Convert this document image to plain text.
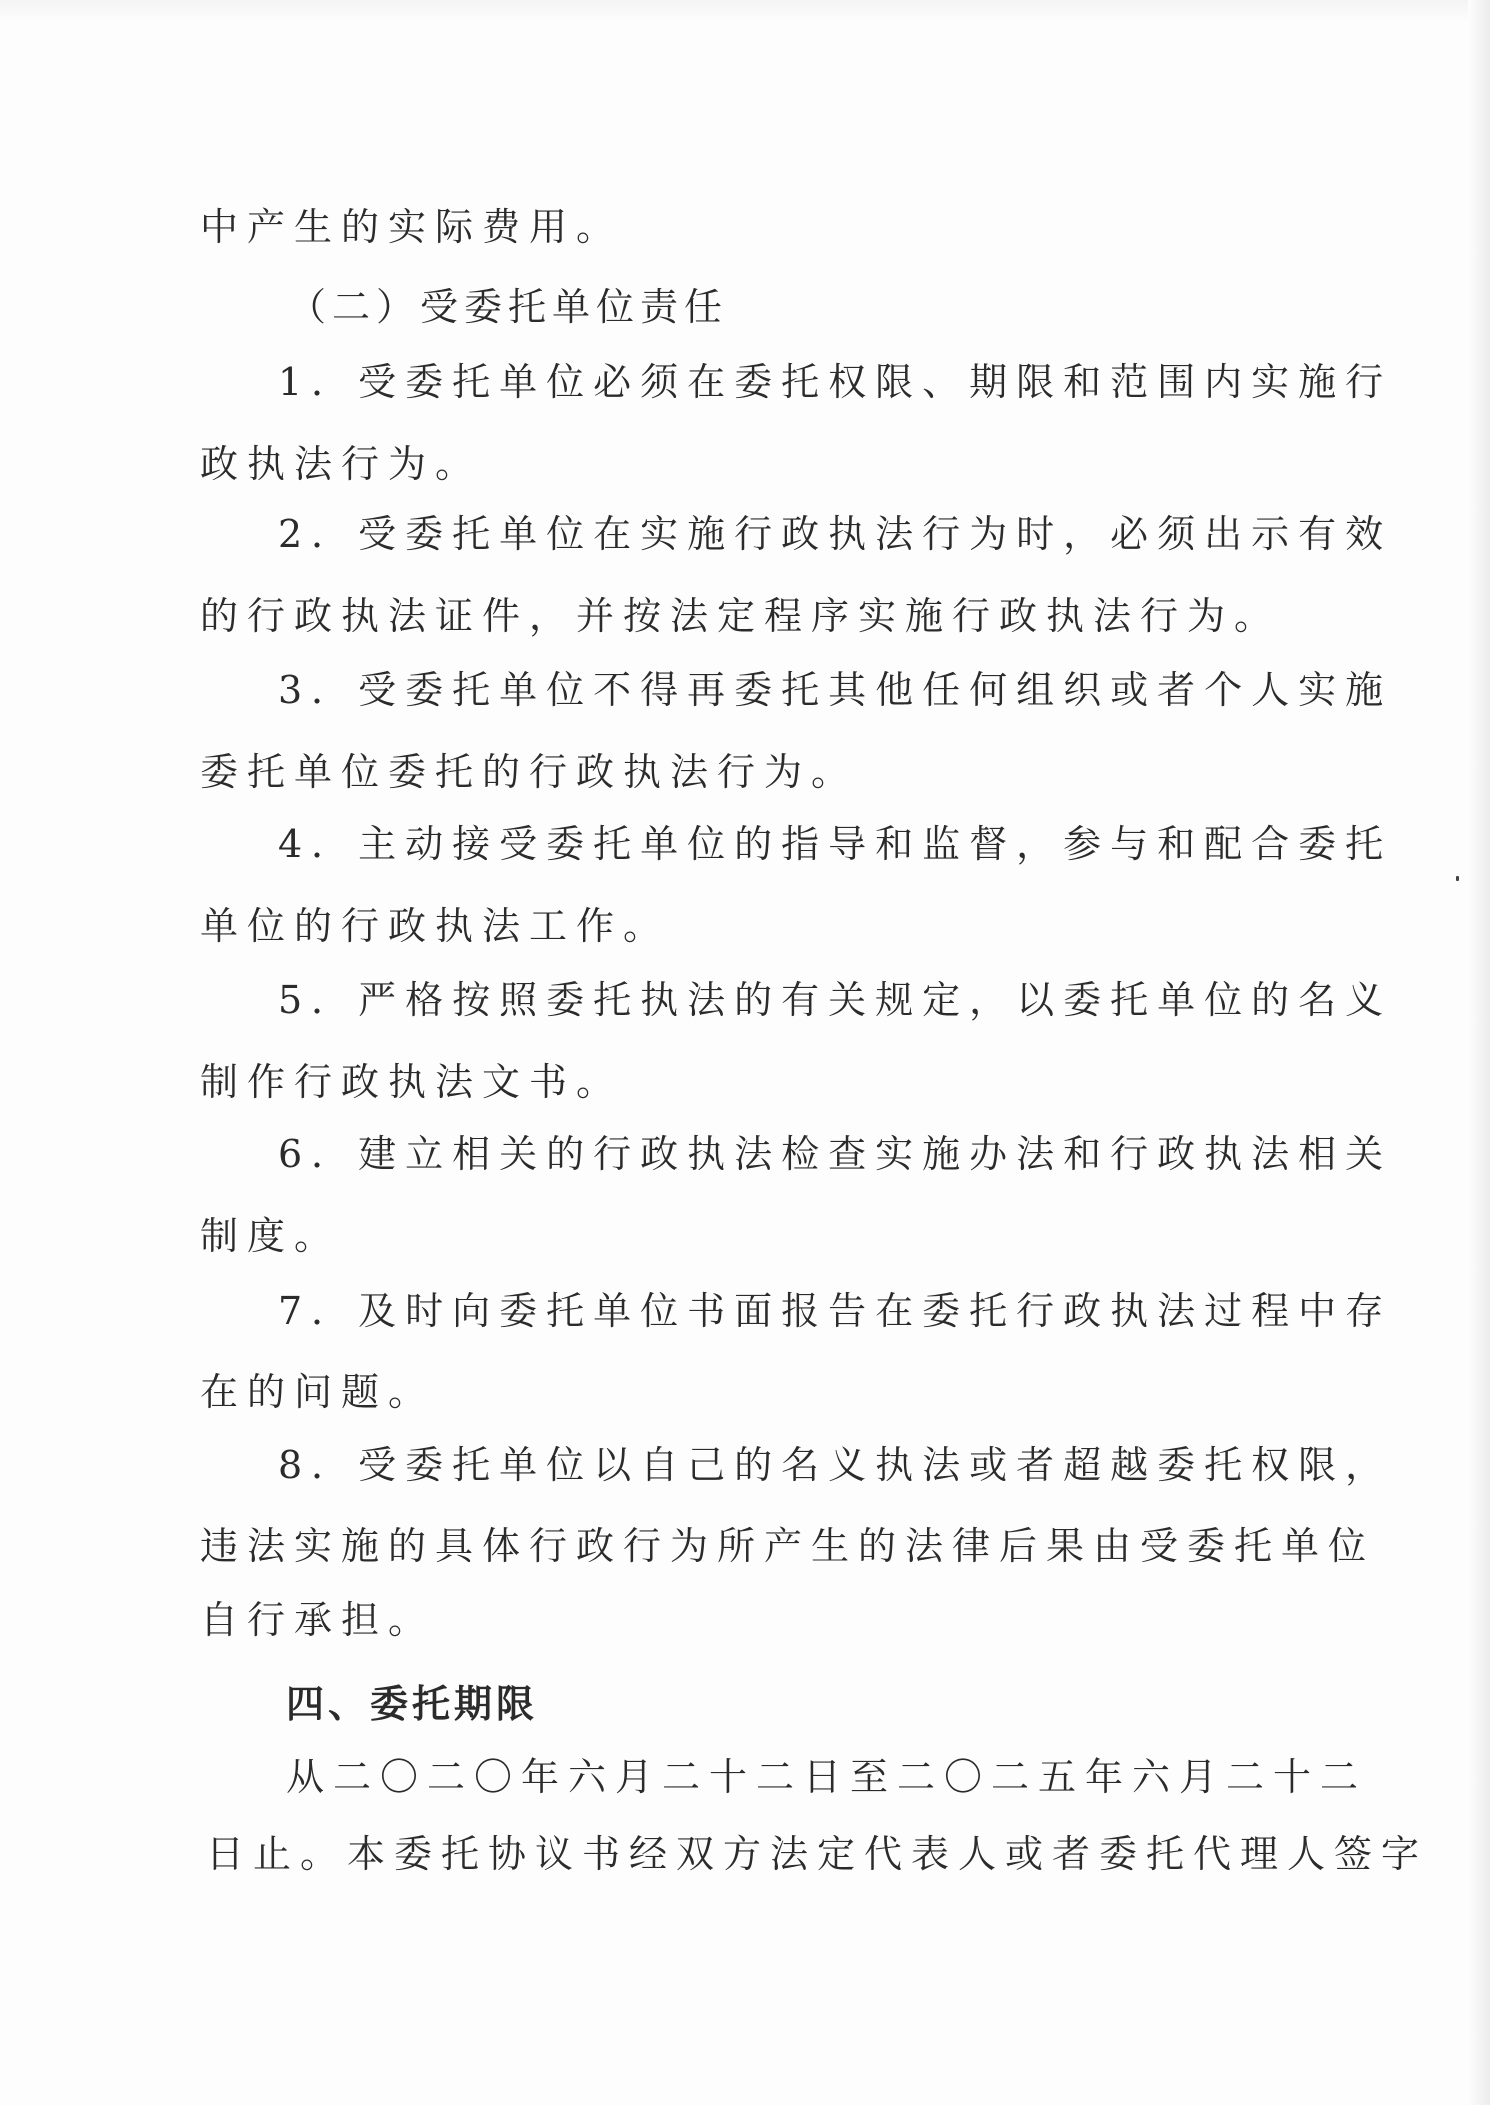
中产生的实际费用。
（二）受委托单位责任
1．受委托单位必须在委托权限、期限和范围内实施行
政执法行为。
2．受委托单位在实施行政执法行为时，必须出示有效
的行政执法证件，并按法定程序实施行政执法行为。
3．受委托单位不得再委托其他任何组织或者个人实施
委托单位委托的行政执法行为。
4．主动接受委托单位的指导和监督，参与和配合委托
单位的行政执法工作。
5．严格按照委托执法的有关规定，以委托单位的名义
制作行政执法文书。
6．建立相关的行政执法检查实施办法和行政执法相关
制度。
7．及时向委托单位书面报告在委托行政执法过程中存
在的问题。
8．受委托单位以自己的名义执法或者超越委托权限，
违法实施的具体行政行为所产生的法律后果由受委托单位
自行承担。
四、委托期限
从二〇二〇年六月二十二日至二〇二五年六月二十二
日止。本委托协议书经双方法定代表人或者委托代理人签字
